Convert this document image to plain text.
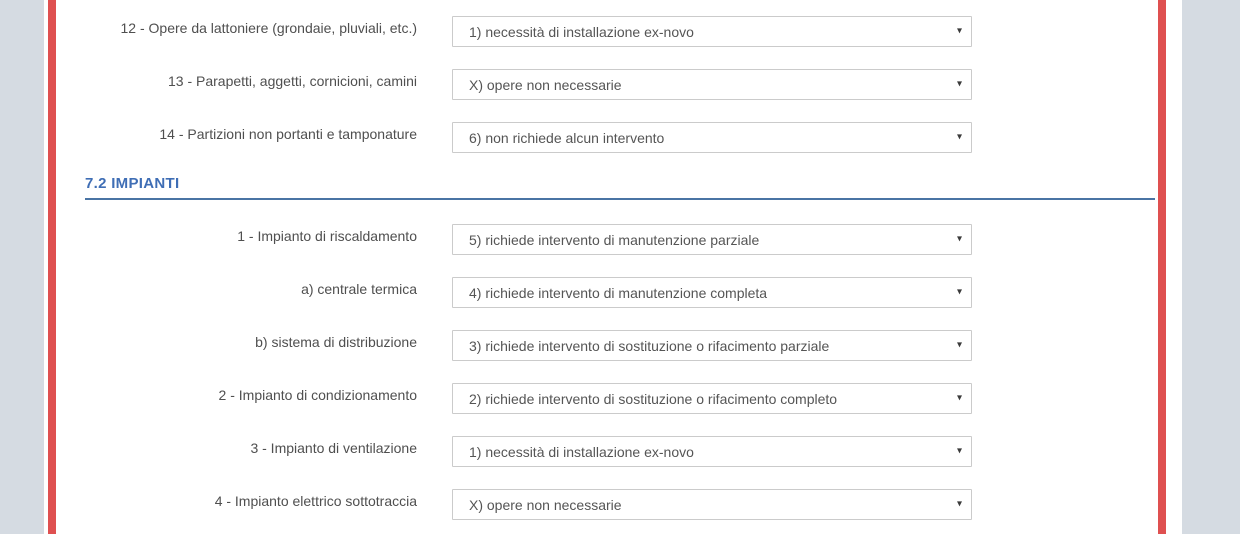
12 - Opere da lattoniere (grondaie, pluviali, etc.)	1) necessità di installazione ex-novo	▾
13 - Parapetti, aggetti, cornicioni, camini	X) opere non necessarie	▾
14 - Partizioni non portanti e tamponature	6) non richiede alcun intervento	▾
7.2 IMPIANTI
1 - Impianto di riscaldamento	5) richiede intervento di manutenzione parziale	▾
a) centrale termica	4) richiede intervento di manutenzione completa	▾
b) sistema di distribuzione	3) richiede intervento di sostituzione o rifacimento parziale	▾
2 - Impianto di condizionamento	2) richiede intervento di sostituzione o rifacimento completo	▾
3 - Impianto di ventilazione	1) necessità di installazione ex-novo	▾
4 - Impianto elettrico sottotraccia	X) opere non necessarie	▾
